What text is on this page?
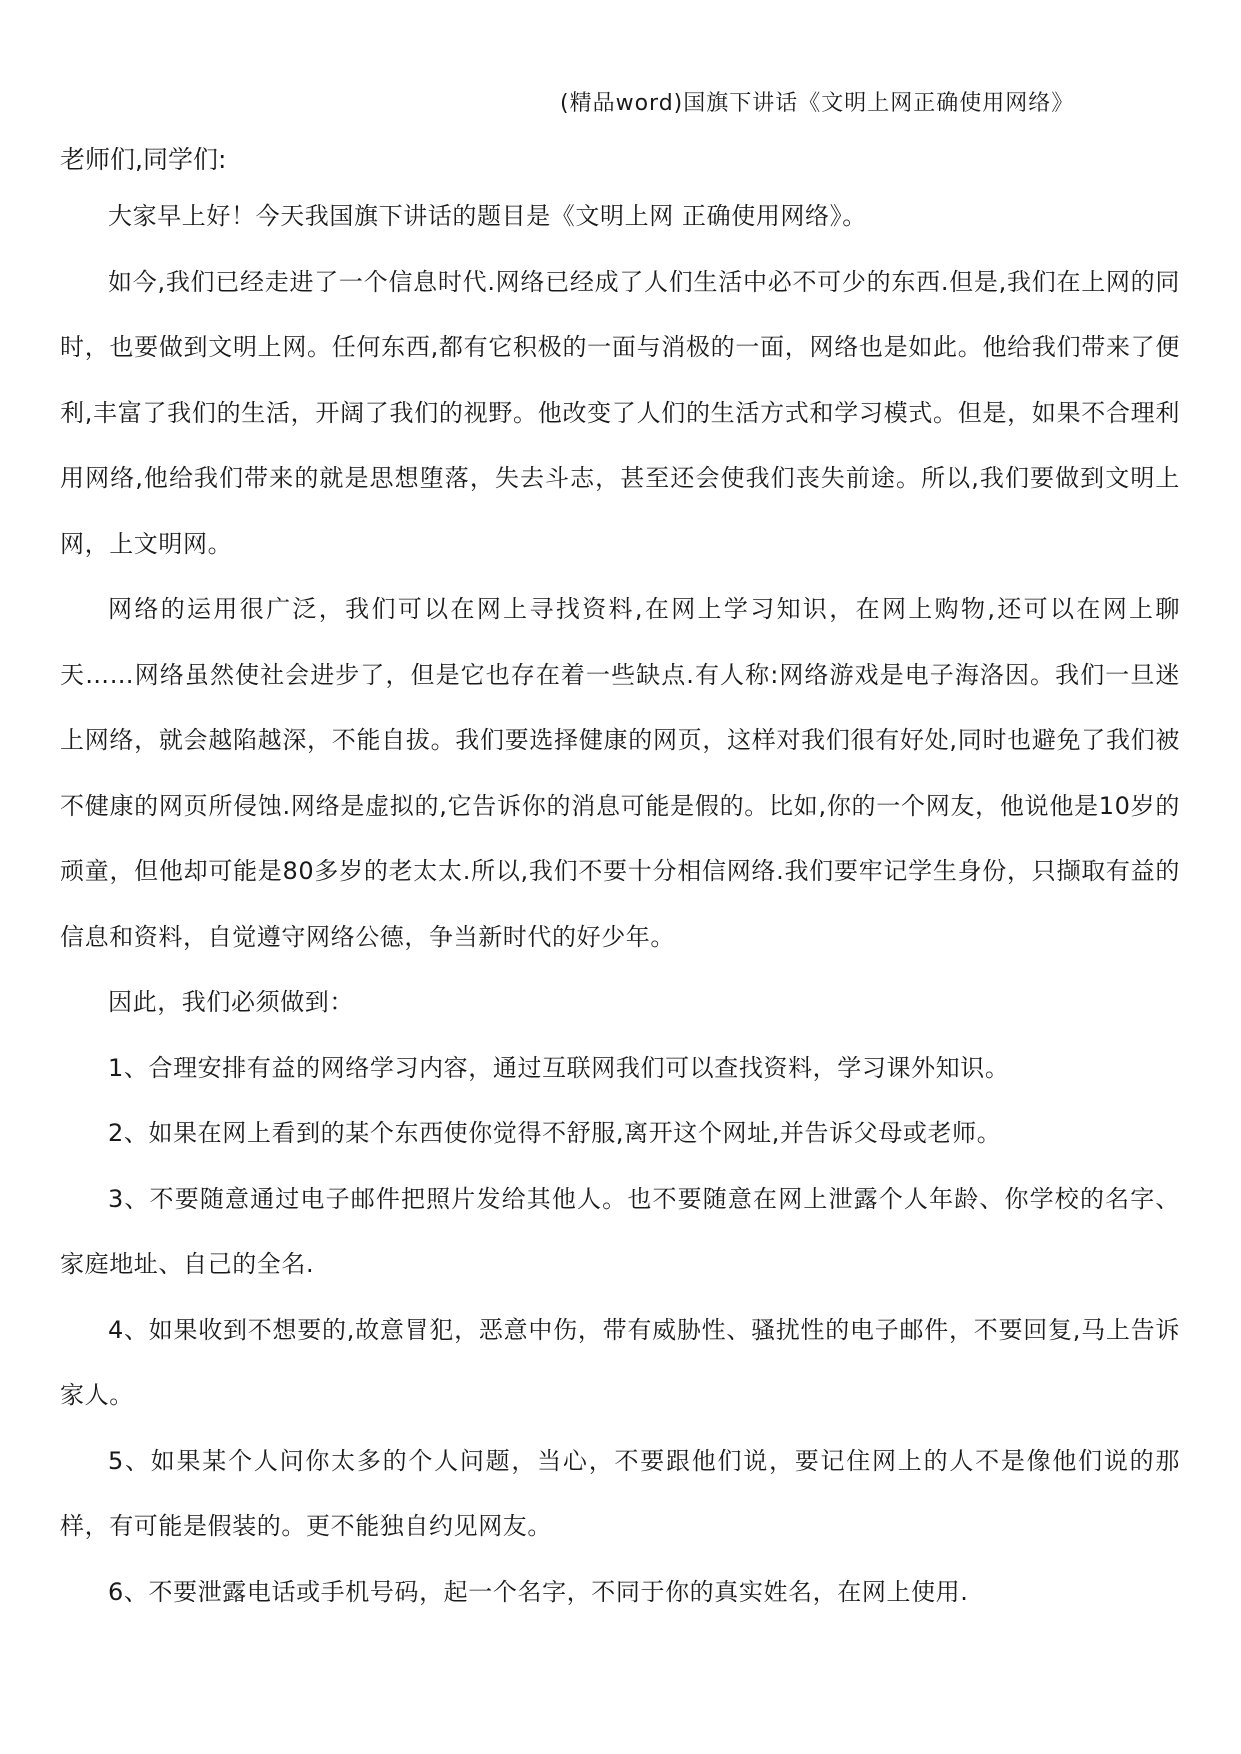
(精品word)国旗下讲话《文明上网正确使用网络》
老师们,同学们:

大家早上好！今天我国旗下讲话的题目是《文明上网 正确使用网络》。

如今,我们已经走进了一个信息时代.网络已经成了人们生活中必不可少的东西.但是,我们在上网的同时，也要做到文明上网。任何东西,都有它积极的一面与消极的一面，网络也是如此。他给我们带来了便利,丰富了我们的生活，开阔了我们的视野。他改变了人们的生活方式和学习模式。但是，如果不合理利用网络,他给我们带来的就是思想堕落，失去斗志，甚至还会使我们丧失前途。所以,我们要做到文明上网，上文明网。

网络的运用很广泛，我们可以在网上寻找资料,在网上学习知识，在网上购物,还可以在网上聊天……网络虽然使社会进步了，但是它也存在着一些缺点.有人称:网络游戏是电子海洛因。我们一旦迷上网络，就会越陷越深，不能自拔。我们要选择健康的网页，这样对我们很有好处,同时也避免了我们被不健康的网页所侵蚀.网络是虚拟的,它告诉你的消息可能是假的。比如,你的一个网友，他说他是10岁的顽童，但他却可能是80多岁的老太太.所以,我们不要十分相信网络.我们要牢记学生身份，只撷取有益的信息和资料，自觉遵守网络公德，争当新时代的好少年。

因此，我们必须做到：

1、合理安排有益的网络学习内容，通过互联网我们可以查找资料，学习课外知识。

2、如果在网上看到的某个东西使你觉得不舒服,离开这个网址,并告诉父母或老师。

3、不要随意通过电子邮件把照片发给其他人。也不要随意在网上泄露个人年龄、你学校的名字、家庭地址、自己的全名.

4、如果收到不想要的,故意冒犯，恶意中伤，带有威胁性、骚扰性的电子邮件，不要回复,马上告诉家人。

5、如果某个人问你太多的个人问题，当心，不要跟他们说，要记住网上的人不是像他们说的那样，有可能是假装的。更不能独自约见网友。

6、不要泄露电话或手机号码，起一个名字，不同于你的真实姓名，在网上使用.
